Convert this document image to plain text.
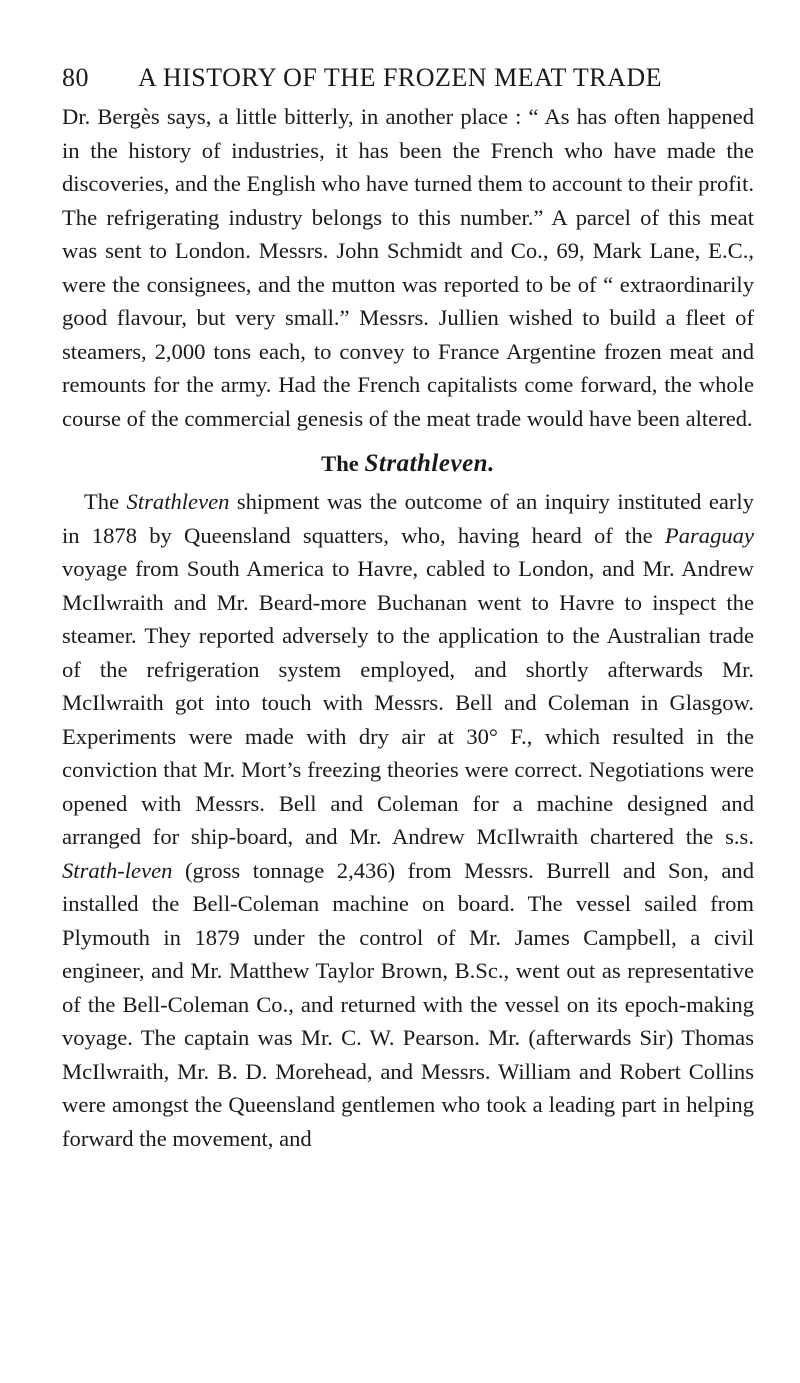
80 A HISTORY OF THE FROZEN MEAT TRADE

Dr. Bergès says, a little bitterly, in another place : “ As has often happened in the history of industries, it has been the French who have made the discoveries, and the English who have turned them to account to their profit. The refrigerating industry belongs to this number.” A parcel of this meat was sent to London. Messrs. John Schmidt and Co., 69, Mark Lane, E.C., were the consignees, and the mutton was reported to be of “ extraordinarily good flavour, but very small.” Messrs. Jullien wished to build a fleet of steamers, 2,000 tons each, to convey to France Argentine frozen meat and remounts for the army. Had the French capitalists come forward, the whole course of the commercial genesis of the meat trade would have been altered.

The Strathleven.

The Strathleven shipment was the outcome of an inquiry instituted early in 1878 by Queensland squatters, who, having heard of the Paraguay voyage from South America to Havre, cabled to London, and Mr. Andrew McIlwraith and Mr. Beard-more Buchanan went to Havre to inspect the steamer. They reported adversely to the application to the Australian trade of the refrigeration system employed, and shortly afterwards Mr. McIlwraith got into touch with Messrs. Bell and Coleman in Glasgow. Experiments were made with dry air at 30° F., which resulted in the conviction that Mr. Mort’s freezing theories were correct. Negotiations were opened with Messrs. Bell and Coleman for a machine designed and arranged for ship-board, and Mr. Andrew McIlwraith chartered the s.s. Strath-leven (gross tonnage 2,436) from Messrs. Burrell and Son, and installed the Bell-Coleman machine on board. The vessel sailed from Plymouth in 1879 under the control of Mr. James Campbell, a civil engineer, and Mr. Matthew Taylor Brown, B.Sc., went out as representative of the Bell-Coleman Co., and returned with the vessel on its epoch-making voyage. The captain was Mr. C. W. Pearson. Mr. (afterwards Sir) Thomas McIlwraith, Mr. B. D. Morehead, and Messrs. William and Robert Collins were amongst the Queensland gentlemen who took a leading part in helping forward the movement, and
